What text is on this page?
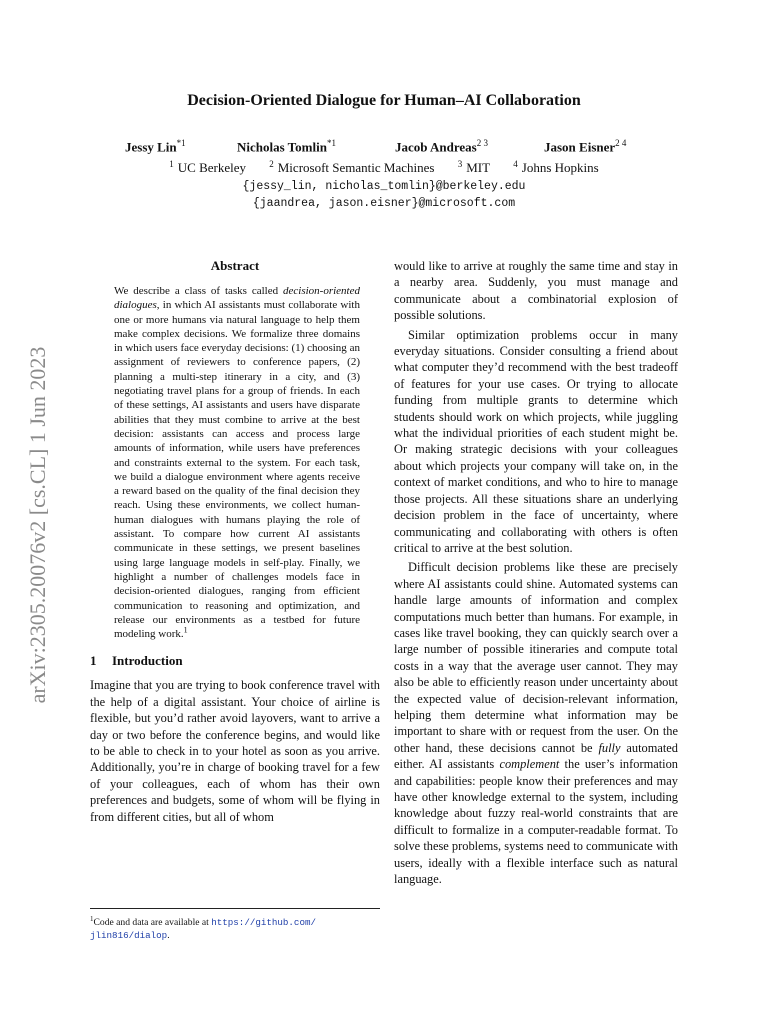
arXiv:2305.20076v2 [cs.CL] 1 Jun 2023
Decision-Oriented Dialogue for Human–AI Collaboration
Jessy Lin$^{*1}$	Nicholas Tomlin$^{*1}$	Jacob Andreas$^{2 3}$	Jason Eisner$^{2 4}$
$^1$ UC Berkeley	$^2$ Microsoft Semantic Machines	$^3$ MIT	$^4$ Johns Hopkins
{jessy_lin, nicholas_tomlin}@berkeley.edu
{jaandrea, jason.eisner}@microsoft.com
Abstract

We describe a class of tasks called decision-oriented dialogues, in which AI assistants must collaborate with one or more humans via natural language to help them make complex decisions. We formalize three domains in which users face everyday decisions: (1) choosing an assignment of reviewers to conference papers, (2) planning a multi-step itinerary in a city, and (3) negotiating travel plans for a group of friends. In each of these settings, AI assistants and users have disparate abilities that they must combine to arrive at the best decision: assistants can access and process large amounts of information, while users have preferences and constraints external to the system. For each task, we build a dialogue environment where agents receive a reward based on the quality of the final decision they reach. Using these environments, we collect human-human dialogues with humans playing the role of assistant. To compare how current AI assistants communicate in these settings, we present baselines using large language models in self-play. Finally, we highlight a number of challenges models face in decision-oriented dialogues, ranging from efficient communication to reasoning and optimization, and release our environments as a testbed for future modeling work.$^1$

1 Introduction

Imagine that you are trying to book conference travel with the help of a digital assistant. Your choice of airline is flexible, but you’d rather avoid layovers, want to arrive a day or two before the conference begins, and would like to be able to check in to your hotel as soon as you arrive. Additionally, you’re in charge of booking travel for a few of your colleagues, each of whom has their own preferences and budgets, some of whom will be flying in from different cities, but all of whom

would like to arrive at roughly the same time and stay in a nearby area. Suddenly, you must manage and communicate about a combinatorial explosion of possible solutions.

Similar optimization problems occur in many everyday situations. Consider consulting a friend about what computer they’d recommend with the best tradeoff of features for your use cases. Or trying to allocate funding from multiple grants to determine which students should work on which projects, while juggling what the individual priorities of each student might be. Or making strategic decisions with your colleagues about which projects your company will take on, in the context of market conditions, and who to hire to manage those projects. All these situations share an underlying decision problem in the face of uncertainty, where communicating and collaborating with others is often critical to arrive at the best solution.

Difficult decision problems like these are precisely where AI assistants could shine. Automated systems can handle large amounts of information and complex computations much better than humans. For example, in cases like travel booking, they can quickly search over a large number of possible itineraries and compute total costs in a way that the average user cannot. They may also be able to efficiently reason under uncertainty about the expected value of decision-relevant information, helping them determine what information may be important to share with or request from the user. On the other hand, these decisions cannot be fully automated either. AI assistants complement the user’s information and capabilities: people know their preferences and may have other knowledge external to the system, including knowledge about fuzzy real-world constraints that are difficult to formalize in a computer-readable format. To solve these problems, systems need to communicate with users, ideally with a flexible interface such as natural language.

$^1$Code and data are available at https://github.com/
jlin816/dialop.
